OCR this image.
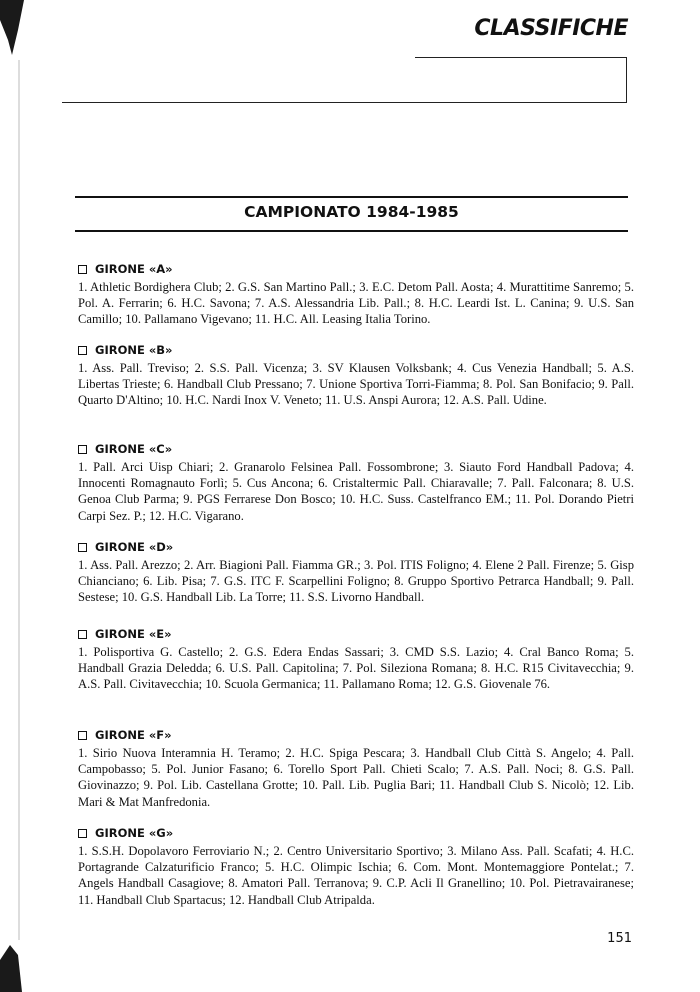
CLASSIFICHE
CAMPIONATO 1984-1985
GIRONE «A»

1. Athletic Bordighera Club; 2. G.S. San Martino Pall.; 3. E.C. Detom Pall. Aosta; 4. Murattitime Sanremo; 5. Pol. A. Ferrarin; 6. H.C. Savona; 7. A.S. Alessandria Lib. Pall.; 8. H.C. Leardi Ist. L. Canina; 9. U.S. San Camillo; 10. Pallamano Vigevano; 11. H.C. All. Leasing Italia Torino.

GIRONE «B»

1. Ass. Pall. Treviso; 2. S.S. Pall. Vicenza; 3. SV Klausen Volksbank; 4. Cus Venezia Handball; 5. A.S. Libertas Trieste; 6. Handball Club Pressano; 7. Unione Sportiva Torri-Fiamma; 8. Pol. San Bonifacio; 9. Pall. Quarto D'Altino; 10. H.C. Nardi Inox V. Veneto; 11. U.S. Anspi Aurora; 12. A.S. Pall. Udine.

GIRONE «C»

1. Pall. Arci Uisp Chiari; 2. Granarolo Felsinea Pall. Fossombrone; 3. Siauto Ford Handball Padova; 4. Innocenti Romagnauto Forlì; 5. Cus Ancona; 6. Cristaltermic Pall. Chiaravalle; 7. Pall. Falconara; 8. U.S. Genoa Club Parma; 9. PGS Ferrarese Don Bosco; 10. H.C. Suss. Castelfranco EM.; 11. Pol. Dorando Pietri Carpi Sez. P.; 12. H.C. Vigarano.

GIRONE «D»

1. Ass. Pall. Arezzo; 2. Arr. Biagioni Pall. Fiamma GR.; 3. Pol. ITIS Foligno; 4. Elene 2 Pall. Firenze; 5. Gisp Chianciano; 6. Lib. Pisa; 7. G.S. ITC F. Scarpellini Foligno; 8. Gruppo Sportivo Petrarca Handball; 9. Pall. Sestese; 10. G.S. Handball Lib. La Torre; 11. S.S. Livorno Handball.

GIRONE «E»

1. Polisportiva G. Castello; 2. G.S. Edera Endas Sassari; 3. CMD S.S. Lazio; 4. Cral Banco Roma; 5. Handball Grazia Deledda; 6. U.S. Pall. Capitolina; 7. Pol. Sileziona Romana; 8. H.C. R15 Civitavecchia; 9. A.S. Pall. Civitavecchia; 10. Scuola Germanica; 11. Pallamano Roma; 12. G.S. Giovenale 76.

GIRONE «F»

1. Sirio Nuova Interamnia H. Teramo; 2. H.C. Spiga Pescara; 3. Handball Club Città S. Angelo; 4. Pall. Campobasso; 5. Pol. Junior Fasano; 6. Torello Sport Pall. Chieti Scalo; 7. A.S. Pall. Noci; 8. G.S. Pall. Giovinazzo; 9. Pol. Lib. Castellana Grotte; 10. Pall. Lib. Puglia Bari; 11. Handball Club S. Nicolò; 12. Lib. Mari & Mat Manfredonia.

GIRONE «G»

1. S.S.H. Dopolavoro Ferroviario N.; 2. Centro Universitario Sportivo; 3. Milano Ass. Pall. Scafati; 4. H.C. Portagrande Calzaturificio Franco; 5. H.C. Olimpic Ischia; 6. Com. Mont. Montemaggiore Pontelat.; 7. Angels Handball Casagiove; 8. Amatori Pall. Terranova; 9. C.P. Acli Il Granellino; 10. Pol. Pietravairanese; 11. Handball Club Spartacus; 12. Handball Club Atripalda.

151
